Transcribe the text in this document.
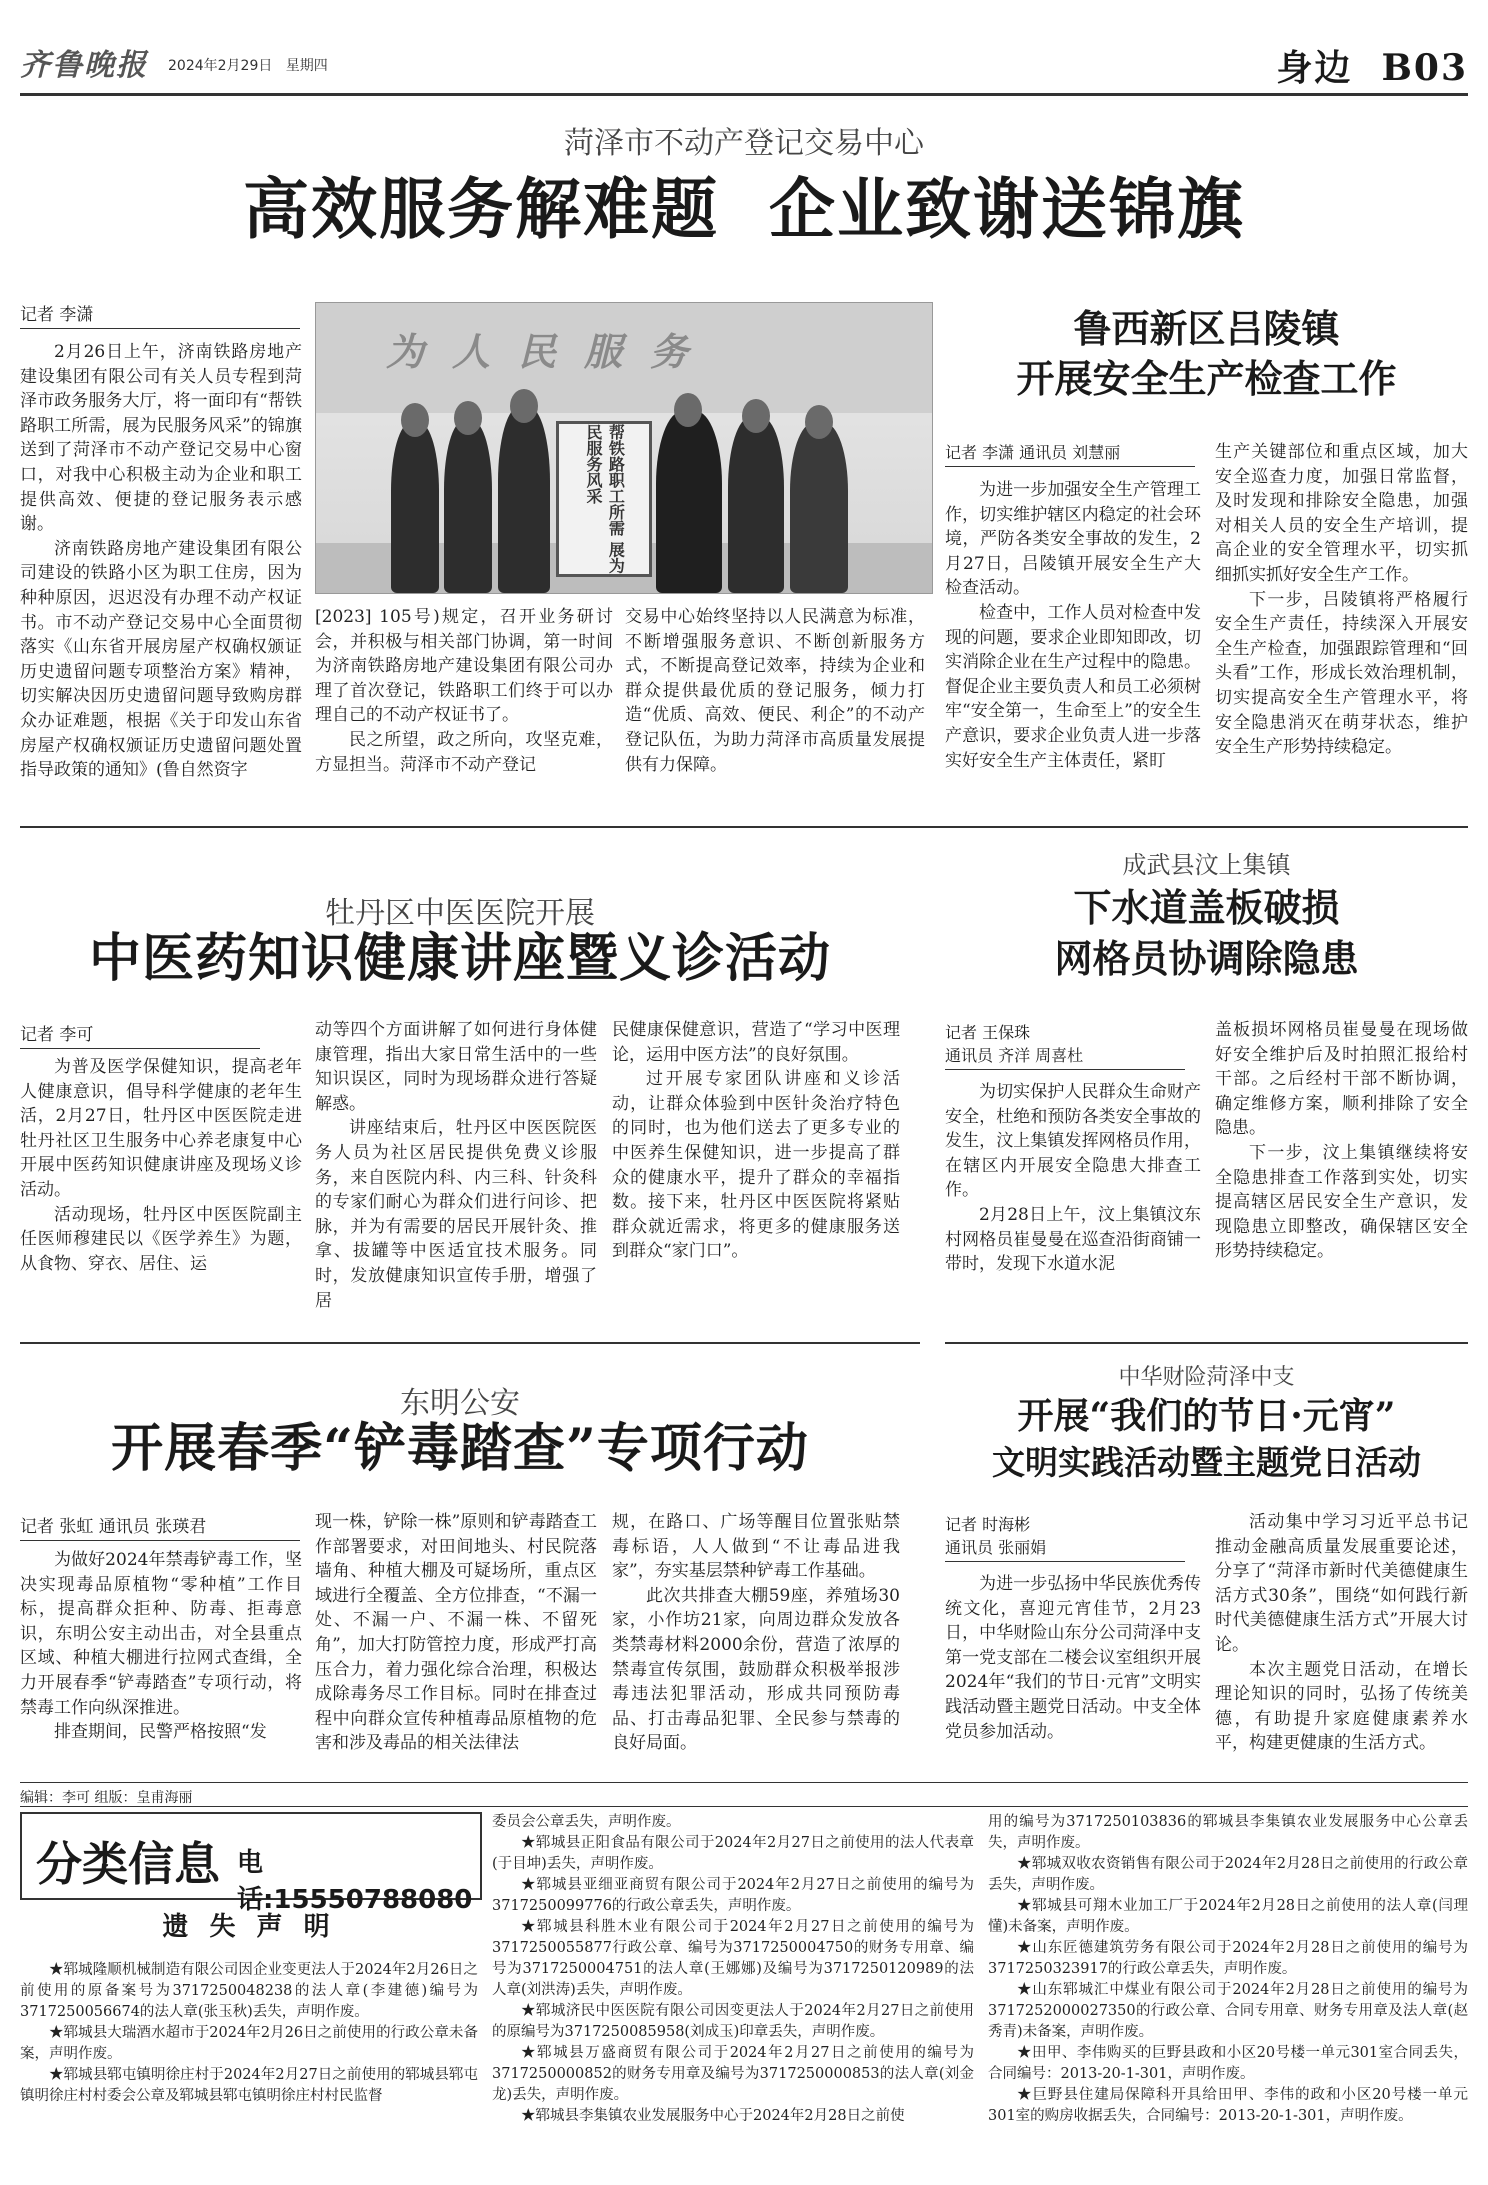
齐鲁晚报 2024年2月29日 星期四	身边 B03
菏泽市不动产登记交易中心
高效服务解难题  企业致谢送锦旗
记者 李潇

2月26日上午，济南铁路房地产建设集团有限公司有关人员专程到菏泽市政务服务大厅，将一面印有“帮铁路职工所需，展为民服务风采”的锦旗送到了菏泽市不动产登记交易中心窗口，对我中心积极主动为企业和职工提供高效、便捷的登记服务表示感谢。

济南铁路房地产建设集团有限公司建设的铁路小区为职工住房，因为种种原因，迟迟没有办理不动产权证书。市不动产登记交易中心全面贯彻落实《山东省开展房屋产权确权颁证历史遗留问题专项整治方案》精神，切实解决因历史遗留问题导致购房群众办证难题，根据《关于印发山东省房屋产权确权颁证历史遗留问题处置指导政策的通知》(鲁自然资字

为人民服务
帮铁路职工所需 展为民服务风采

[2023] 105号)规定，召开业务研讨会，并积极与相关部门协调，第一时间为济南铁路房地产建设集团有限公司办理了首次登记，铁路职工们终于可以办理自己的不动产权证书了。

民之所望，政之所向，攻坚克难，方显担当。菏泽市不动产登记

交易中心始终坚持以人民满意为标准，不断增强服务意识、不断创新服务方式，不断提高登记效率，持续为企业和群众提供最优质的登记服务，倾力打造“优质、高效、便民、利企”的不动产登记队伍，为助力菏泽市高质量发展提供有力保障。

鲁西新区吕陵镇
开展安全生产检查工作
记者 李潇 通讯员 刘慧丽

为进一步加强安全生产管理工作，切实维护辖区内稳定的社会环境，严防各类安全事故的发生，2月27日，吕陵镇开展安全生产大检查活动。

检查中，工作人员对检查中发现的问题，要求企业即知即改，切实消除企业在生产过程中的隐患。督促企业主要负责人和员工必须树牢“安全第一，生命至上”的安全生产意识，要求企业负责人进一步落实好安全生产主体责任，紧盯

生产关键部位和重点区域，加大安全巡查力度，加强日常监督，及时发现和排除安全隐患，加强对相关人员的安全生产培训，提高企业的安全管理水平，切实抓细抓实抓好安全生产工作。

下一步，吕陵镇将严格履行安全生产责任，持续深入开展安全生产检查，加强跟踪管理和“回头看”工作，形成长效治理机制，切实提高安全生产管理水平，将安全隐患消灭在萌芽状态，维护安全生产形势持续稳定。

牡丹区中医医院开展
中医药知识健康讲座暨义诊活动
记者 李可

为普及医学保健知识，提高老年人健康意识，倡导科学健康的老年生活，2月27日，牡丹区中医医院走进牡丹社区卫生服务中心养老康复中心开展中医药知识健康讲座及现场义诊活动。

活动现场，牡丹区中医医院副主任医师穆建民以《医学养生》为题，从食物、穿衣、居住、运

动等四个方面讲解了如何进行身体健康管理，指出大家日常生活中的一些知识误区，同时为现场群众进行答疑解惑。

讲座结束后，牡丹区中医医院医务人员为社区居民提供免费义诊服务，来自医院内科、内三科、针灸科的专家们耐心为群众们进行问诊、把脉，并为有需要的居民开展针灸、推拿、拔罐等中医适宜技术服务。同时，发放健康知识宣传手册，增强了居

民健康保健意识，营造了“学习中医理论，运用中医方法”的良好氛围。

过开展专家团队讲座和义诊活动，让群众体验到中医针灸治疗特色的同时，也为他们送去了更多专业的中医养生保健知识，进一步提高了群众的健康水平，提升了群众的幸福指数。接下来，牡丹区中医医院将紧贴群众就近需求，将更多的健康服务送到群众“家门口”。

成武县汶上集镇
下水道盖板破损
网格员协调除隐患
记者 王保珠
通讯员 齐洋 周喜杜

为切实保护人民群众生命财产安全，杜绝和预防各类安全事故的发生，汶上集镇发挥网格员作用，在辖区内开展安全隐患大排查工作。

2月28日上午，汶上集镇汶东村网格员崔曼曼在巡查沿街商铺一带时，发现下水道水泥

盖板损坏网格员崔曼曼在现场做好安全维护后及时拍照汇报给村干部。之后经村干部不断协调，确定维修方案，顺利排除了安全隐患。

下一步，汶上集镇继续将安全隐患排查工作落到实处，切实提高辖区居民安全生产意识，发现隐患立即整改，确保辖区安全形势持续稳定。

东明公安
开展春季“铲毒踏查”专项行动
记者 张虹 通讯员 张瑛君

为做好2024年禁毒铲毒工作，坚决实现毒品原植物“零种植”工作目标，提高群众拒种、防毒、拒毒意识，东明公安主动出击，对全县重点区域、种植大棚进行拉网式查缉，全力开展春季“铲毒踏查”专项行动，将禁毒工作向纵深推进。

排查期间，民警严格按照“发

现一株，铲除一株”原则和铲毒踏查工作部署要求，对田间地头、村民院落墙角、种植大棚及可疑场所，重点区域进行全覆盖、全方位排查，“不漏一处、不漏一户、不漏一株、不留死角”，加大打防管控力度，形成严打高压合力，着力强化综合治理，积极达成除毒务尽工作目标。同时在排查过程中向群众宣传种植毒品原植物的危害和涉及毒品的相关法律法

规，在路口、广场等醒目位置张贴禁毒标语，人人做到“不让毒品进我家”，夯实基层禁种铲毒工作基础。

此次共排查大棚59座，养殖场30家，小作坊21家，向周边群众发放各类禁毒材料2000余份，营造了浓厚的禁毒宣传氛围，鼓励群众积极举报涉毒违法犯罪活动，形成共同预防毒品、打击毒品犯罪、全民参与禁毒的良好局面。

中华财险菏泽中支
开展“我们的节日·元宵”
文明实践活动暨主题党日活动
记者 时海彬
通讯员 张丽娟

为进一步弘扬中华民族优秀传统文化，喜迎元宵佳节，2月23日，中华财险山东分公司菏泽中支第一党支部在二楼会议室组织开展2024年“我们的节日·元宵”文明实践活动暨主题党日活动。中支全体党员参加活动。

活动集中学习习近平总书记推动金融高质量发展重要论述，分享了“菏泽市新时代美德健康生活方式30条”，围绕“如何践行新时代美德健康生活方式”开展大讨论。

本次主题党日活动，在增长理论知识的同时，弘扬了传统美德，有助提升家庭健康素养水平，构建更健康的生活方式。

编辑：李可 组版：皇甫海丽
分类信息 电话:15550788080
遗 失 声 明

★郓城隆顺机械制造有限公司因企业变更法人于2024年2月26日之前使用的原备案号为3717250048238的法人章(李建德)编号为3717250056674的法人章(张玉秋)丢失，声明作废。

★郓城县大瑞酒水超市于2024年2月26日之前使用的行政公章未备案，声明作废。

★郓城县郓屯镇明徐庄村于2024年2月27日之前使用的郓城县郓屯镇明徐庄村村委会公章及郓城县郓屯镇明徐庄村村民监督

委员会公章丢失，声明作废。

★郓城县正阳食品有限公司于2024年2月27日之前使用的法人代表章(于目坤)丢失，声明作废。

★郓城县亚细亚商贸有限公司于2024年2月27日之前使用的编号为3717250099776的行政公章丢失，声明作废。

★郓城县科胜木业有限公司于2024年2月27日之前使用的编号为3717250055877行政公章、编号为3717250004750的财务专用章、编号为3717250004751的法人章(王娜娜)及编号为3717250120989的法人章(刘洪涛)丢失，声明作废。

★郓城济民中医医院有限公司因变更法人于2024年2月27日之前使用的原编号为3717250085958(刘成玉)印章丢失，声明作废。

★郓城县万盛商贸有限公司于2024年2月27日之前使用的编号为3717250000852的财务专用章及编号为3717250000853的法人章(刘金龙)丢失，声明作废。

★郓城县李集镇农业发展服务中心于2024年2月28日之前使

用的编号为3717250103836的郓城县李集镇农业发展服务中心公章丢失，声明作废。

★郓城双收农资销售有限公司于2024年2月28日之前使用的行政公章丢失，声明作废。

★郓城县可翔木业加工厂于2024年2月28日之前使用的法人章(闫理懂)未备案，声明作废。

★山东匠德建筑劳务有限公司于2024年2月28日之前使用的编号为3717250323917的行政公章丢失，声明作废。

★山东郓城汇中煤业有限公司于2024年2月28日之前使用的编号为3717252000027350的行政公章、合同专用章、财务专用章及法人章(赵秀青)未备案，声明作废。

★田甲、李伟购买的巨野县政和小区20号楼一单元301室合同丢失，合同编号：2013-20-1-301，声明作废。

★巨野县住建局保障科开具给田甲、李伟的政和小区20号楼一单元301室的购房收据丢失，合同编号：2013-20-1-301，声明作废。
